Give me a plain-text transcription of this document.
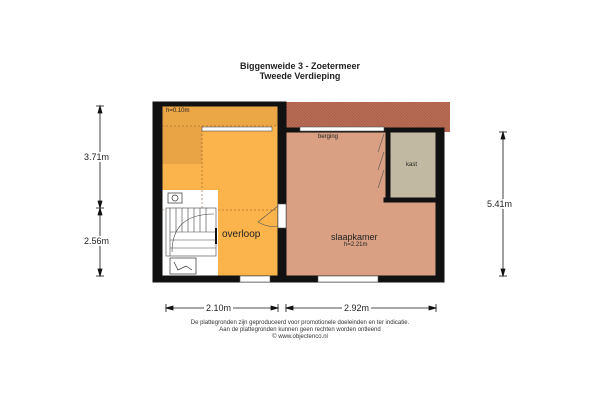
Biggenweide 3 - Zoetermeer
Tweede Verdieping
3.71m
2.56m
5.41m
2.10m	2.92m
h=0.10m
overloop	slaapkamer
h=2.21m
berging
kast
De plattegronden zijn geproduceerd voor promotionele doeleinden en ter indicatie.
Aan de plattegronden kunnen geen rechten worden ontleend
© www.objectenco.nl
